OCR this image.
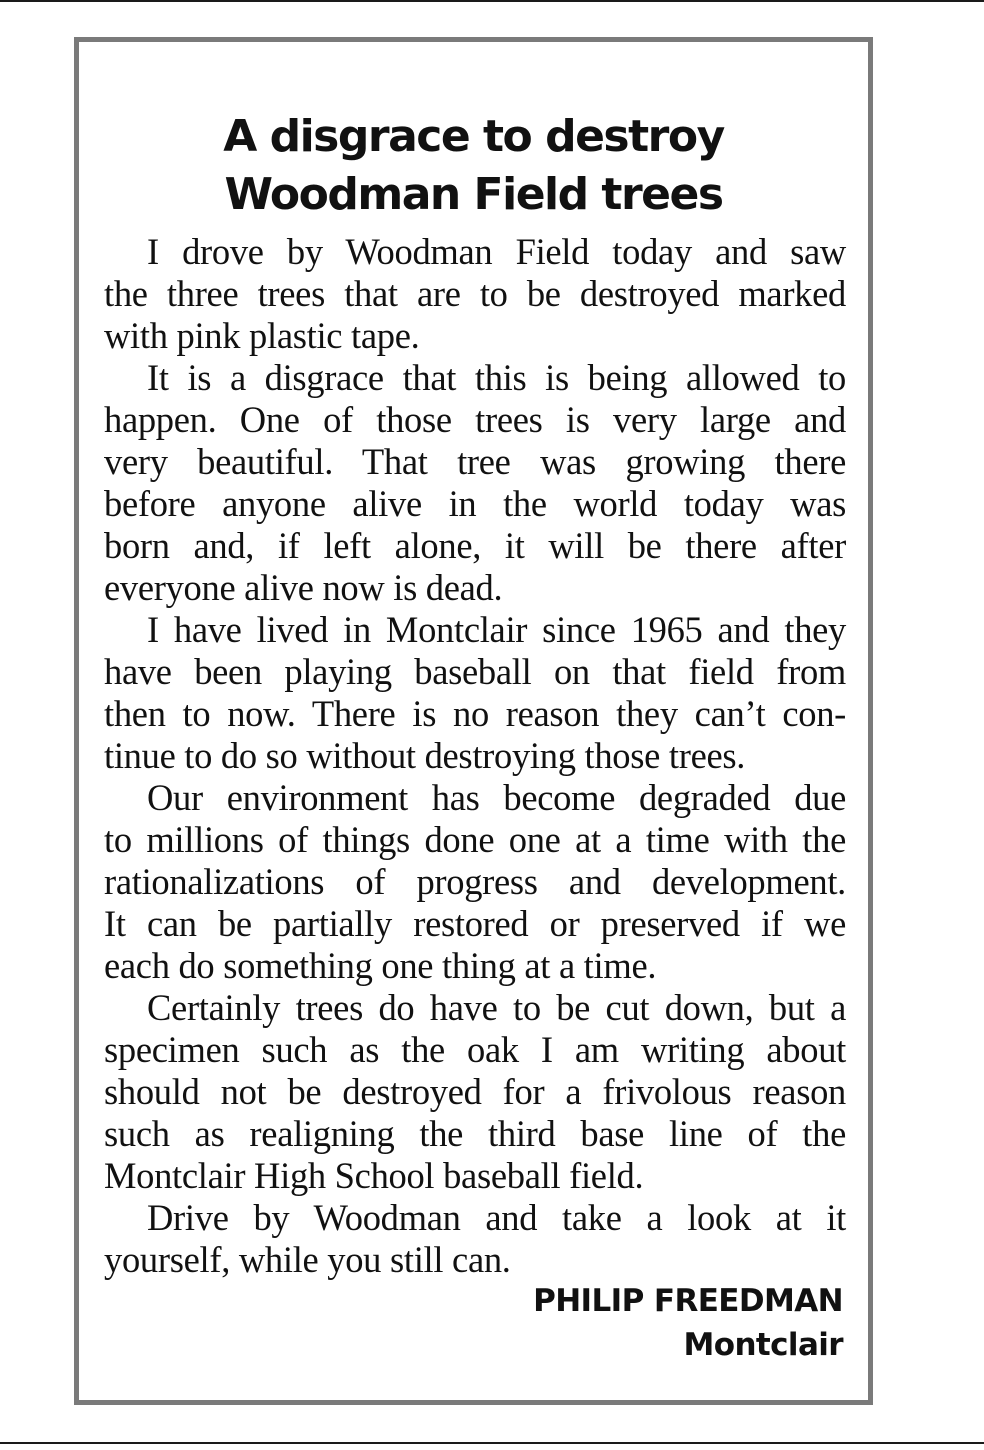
A disgrace to destroy
Woodman Field trees

I drove by Woodman Field today and saw
the three trees that are to be destroyed marked
with pink plastic tape.

It is a disgrace that this is being allowed to
happen. One of those trees is very large and
very beautiful. That tree was growing there
before anyone alive in the world today was
born and, if left alone, it will be there after
everyone alive now is dead.

I have lived in Montclair since 1965 and they
have been playing baseball on that field from
then to now. There is no reason they can’t con-
tinue to do so without destroying those trees.

Our environment has become degraded due
to millions of things done one at a time with the
rationalizations of progress and development.
It can be partially restored or preserved if we
each do something one thing at a time.

Certainly trees do have to be cut down, but a
specimen such as the oak I am writing about
should not be destroyed for a frivolous reason
such as realigning the third base line of the
Montclair High School baseball field.

Drive by Woodman and take a look at it
yourself, while you still can.

PHILIP FREEDMAN
Montclair
